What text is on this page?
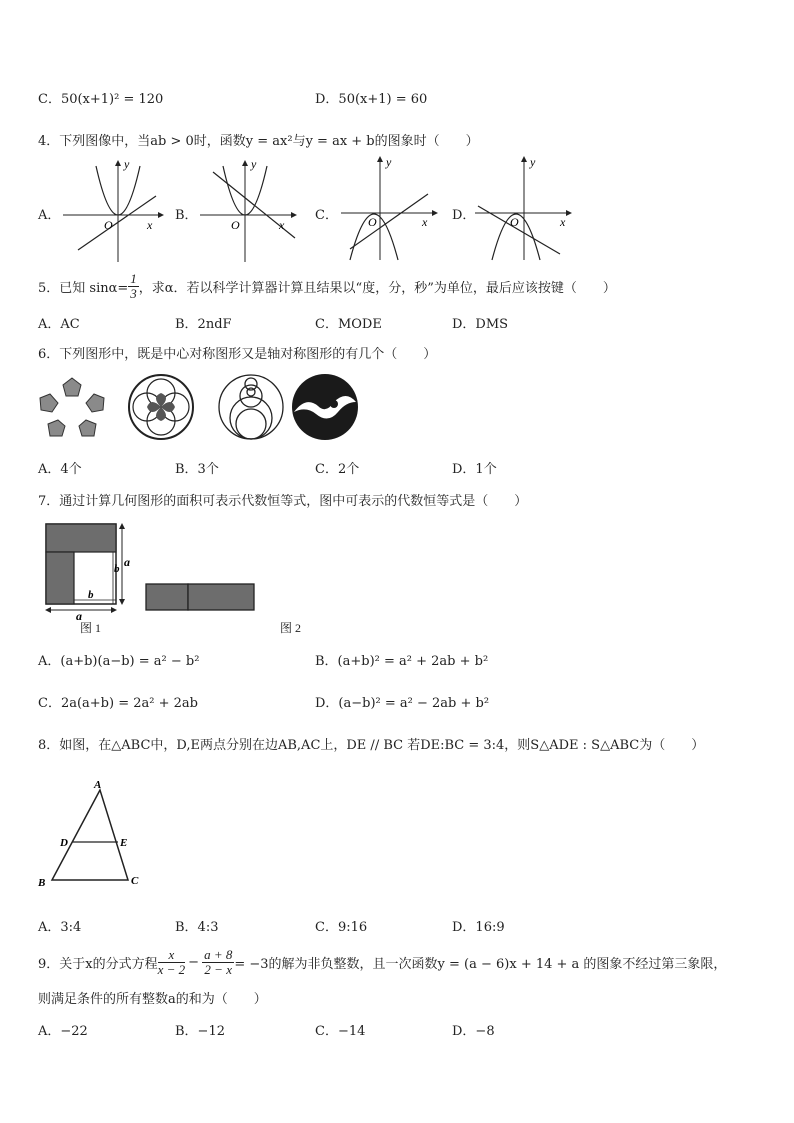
C．50(x+1)² = 120	D．50(x+1) = 60
4．下列图像中，当ab > 0时，函数y = ax²与y = ax + b的图象时（　　）
A．	B．	C．	D．
y
x
O
y
x
O
y
x
O
y
x
O
5．已知 $\sin\alpha= \frac{1}{3}$ ，求α．若以科学计算器计算且结果以“度，分，秒”为单位，最后应该按键（　　）
A．AC	B．2ndF	C．MODE	D．DMS
6．下列图形中，既是中心对称图形又是轴对称图形的有几个（　　）
A．4个	B．3个	C．2个	D．1个
7．通过计算几何图形的面积可表示代数恒等式，图中可表示的代数恒等式是（　　）
a
b
b
a
图 1	图 2
A．(a+b)(a−b) = a² − b²	B．(a+b)² = a² + 2ab + b²
C．2a(a+b) = 2a² + 2ab	D．(a−b)² = a² − 2ab + b²
8．如图，在△ABC中，D,E两点分别在边AB,AC上，DE // BC 若DE:BC = 3:4，则S△ADE : S△ABC为（　　）
A
B	C
D	E
A．3:4	B．4:3	C．9:16	D．16:9
9．关于x的分式方程 $\frac{x}{x - 2} - \frac{a + 8}{2 - x} = -3$的解为非负整数，且一次函数y = (a − 6)x + 14 + a 的图象不经过第三象限，
则满足条件的所有整数a的和为（　　）
A．−22	B．−12	C．−14	D．−8
